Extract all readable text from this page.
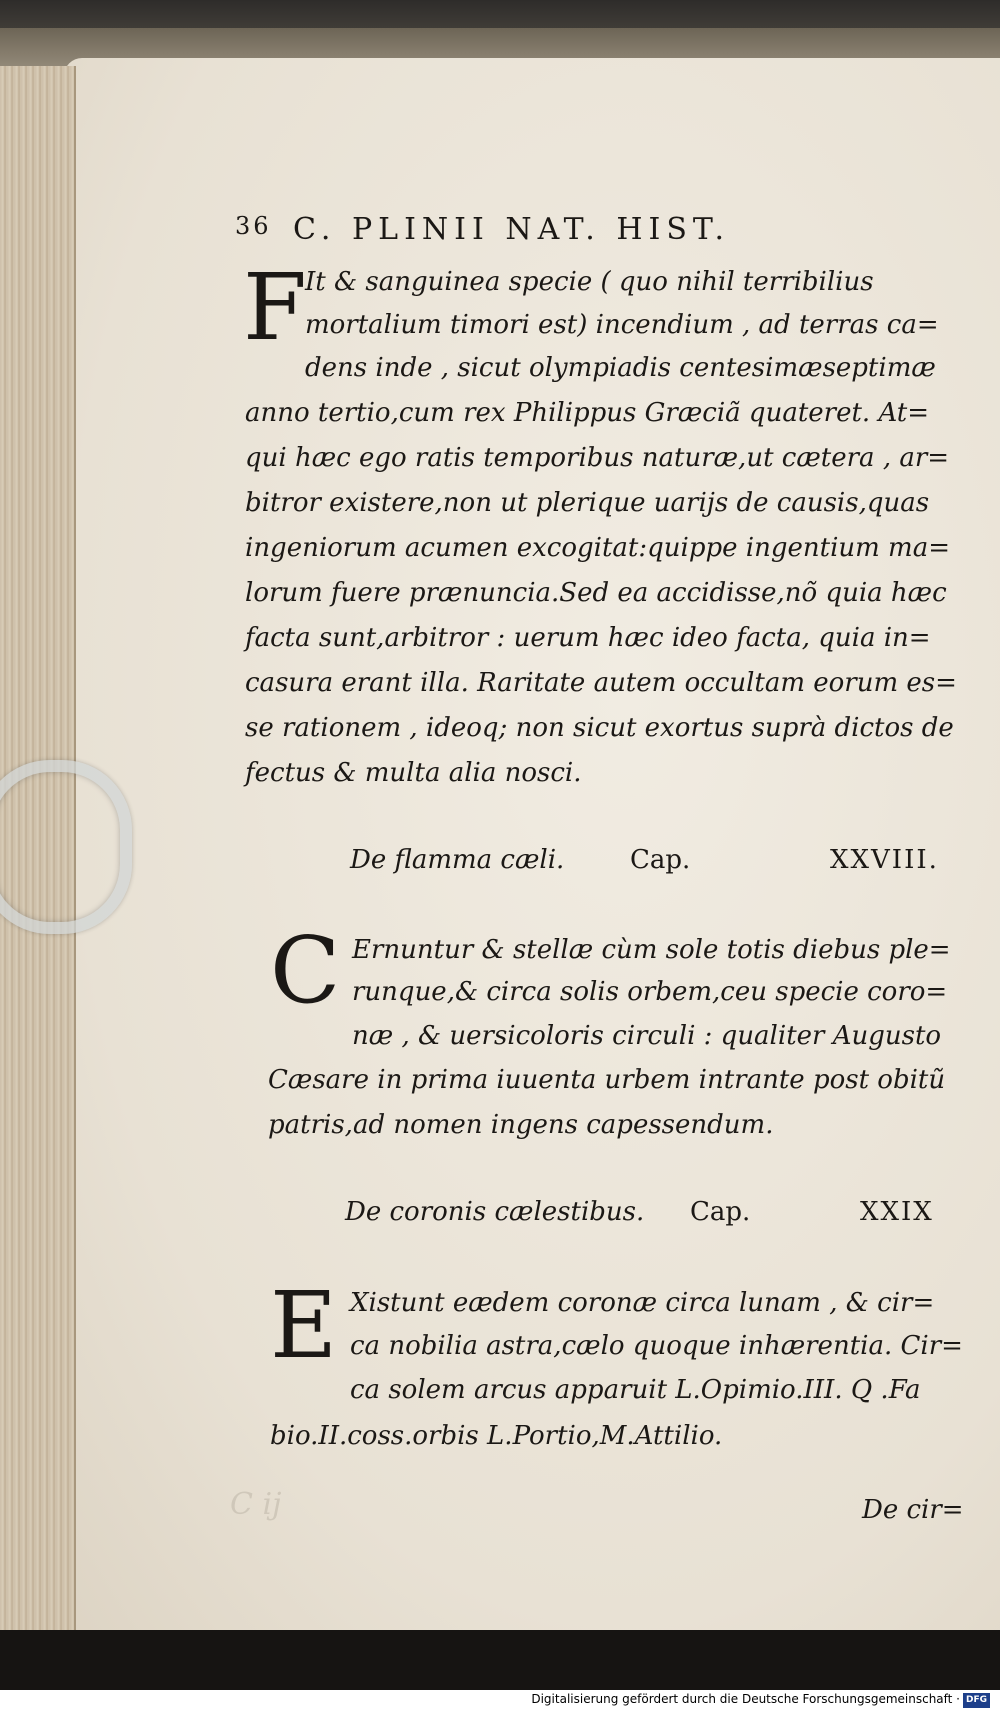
C ij
36 C. PLINII NAT. HIST.
F
It & sanguinea specie ( quo nihil terribilius
mortalium timori est) incendium , ad terras ca=
dens inde , sicut olympiadis centesimæseptimæ
anno tertio,cum rex Philippus Græciã quateret. At=
qui hæc ego ratis temporibus naturæ,ut cætera , ar=
bitror existere,non ut plerique uarijs de causis,quas
ingeniorum acumen excogitat:quippe ingentium ma=
lorum fuere prænuncia.Sed ea accidisse,nõ quia hæc
facta sunt,arbitror : uerum hæc ideo facta, quia in=
casura erant illa. Raritate autem occultam eorum es=
se rationem , ideoq; non sicut exortus suprà dictos de
fectus & multa alia nosci.
De flamma cæli.	Cap.	XXVIII.
C Ernuntur & stellæ cùm sole totis diebus ple=
runque,& circa solis orbem,ceu specie coro=
næ , & uersicoloris circuli : qualiter Augusto
Cæsare in prima iuuenta urbem intrante post obitũ
patris,ad nomen ingens capessendum.
De coronis cælestibus. Cap.	XXIX
E Xistunt eædem coronæ circa lunam , & cir=
ca nobilia astra,cælo quoque inhærentia. Cir=
ca solem arcus apparuit L.Opimio.III. Q .Fa
bio.II.coss.orbis L.Portio,M.Attilio.
De cir=
Digitalisierung gefördert durch die Deutsche Forschungsgemeinschaft · DFG
